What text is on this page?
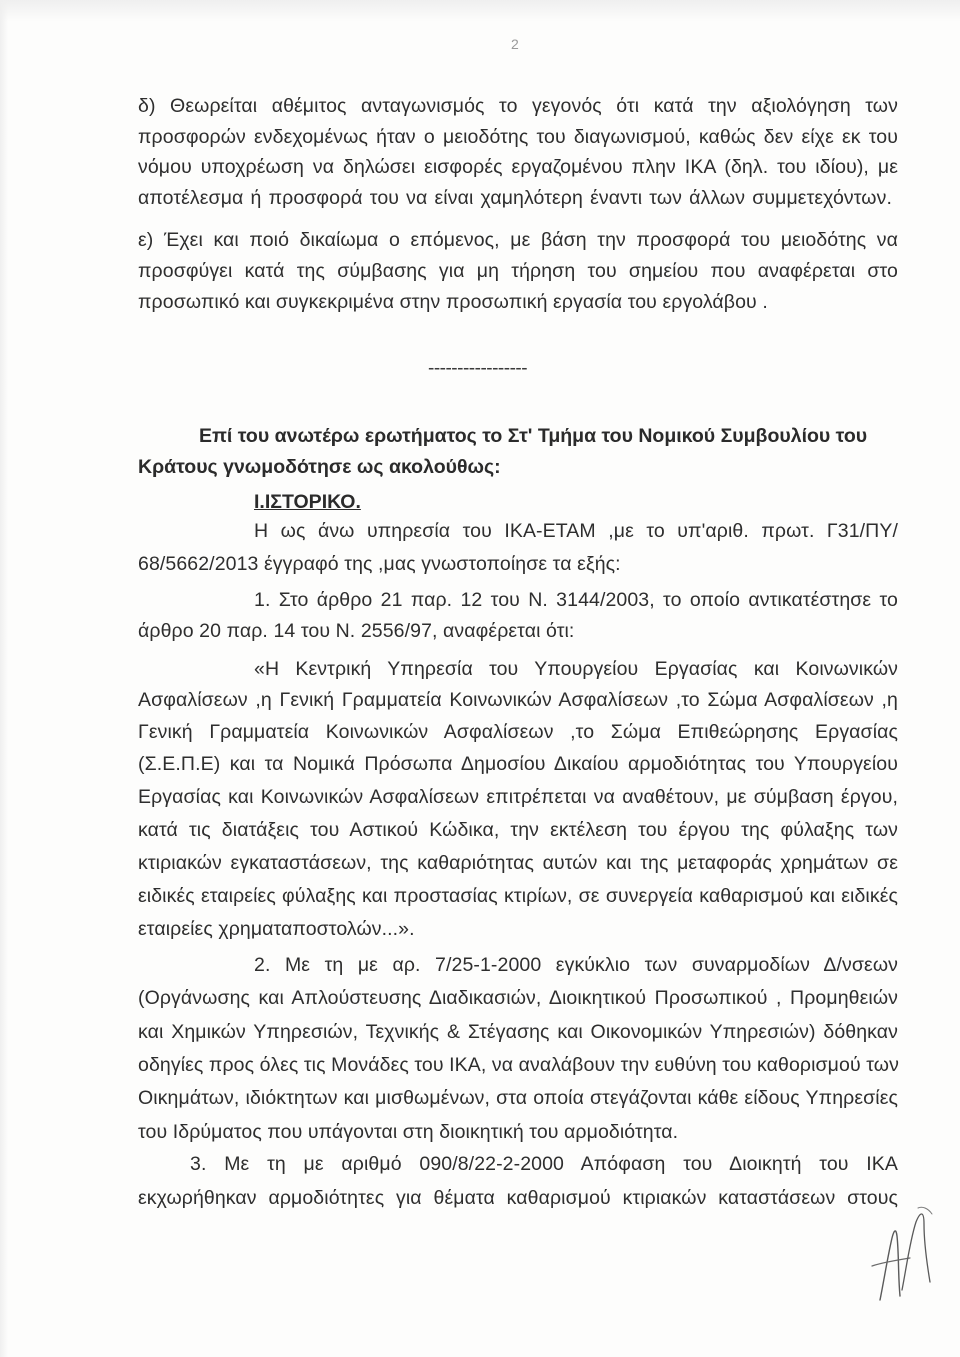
2
δ) Θεωρείται αθέμιτος ανταγωνισμός το γεγονός ότι κατά την αξιολόγηση των
προσφορών ενδεχομένως ήταν ο μειοδότης του διαγωνισμού, καθώς δεν είχε εκ του
νόμου υποχρέωση να δηλώσει εισφορές εργαζομένου πλην ΙΚΑ (δηλ. του ιδίου), με
αποτέλεσμα ή προσφορά του να είναι χαμηλότερη έναντι των άλλων συμμετεχόντων.
ε) Έχει και ποιό δικαίωμα ο επόμενος, με βάση την προσφορά του μειοδότης να
προσφύγει κατά της σύμβασης για μη τήρηση του σημείου που αναφέρεται στο
προσωπικό και συγκεκριμένα στην προσωπική εργασία του εργολάβου .
-----------------
Επί του ανωτέρω ερωτήματος το Στ' Τμήμα του Νομικού Συμβουλίου του
Κράτους γνωμοδότησε ως ακολούθως:
Ι.ΙΣΤΟΡΙΚΟ.
Η ως άνω υπηρεσία του ΙΚΑ-ΕΤΑΜ ,με το υπ'αριθ. πρωτ. Γ31/ΠΥ/
68/5662/2013 έγγραφό της ,μας γνωστοποίησε τα εξής:
1. Στο άρθρο 21 παρ. 12 του Ν. 3144/2003, το οποίο αντικατέστησε το
άρθρο 20 παρ. 14 του Ν. 2556/97, αναφέρεται ότι:
«Η Κεντρική Υπηρεσία του Υπουργείου Εργασίας και Κοινωνικών
Ασφαλίσεων ,η Γενική Γραμματεία Κοινωνικών Ασφαλίσεων ,το Σώμα Ασφαλίσεων ,η
Γενική Γραμματεία Κοινωνικών Ασφαλίσεων ,το Σώμα Επιθεώρησης Εργασίας
(Σ.Ε.Π.Ε) και τα Νομικά Πρόσωπα Δημοσίου Δικαίου αρμοδιότητας του Υπουργείου
Εργασίας και Κοινωνικών Ασφαλίσεων επιτρέπεται να αναθέτουν, με σύμβαση έργου,
κατά τις διατάξεις του Αστικού Κώδικα, την εκτέλεση του έργου της φύλαξης των
κτιριακών εγκαταστάσεων, της καθαριότητας αυτών και της μεταφοράς χρημάτων σε
ειδικές εταιρείες φύλαξης και προστασίας κτιρίων, σε συνεργεία καθαρισμού και ειδικές
εταιρείες χρηματαποστολών...».
2. Με τη με αρ. 7/25-1-2000 εγκύκλιο των συναρμοδίων Δ/νσεων
(Οργάνωσης και Απλούστευσης Διαδικασιών, Διοικητικού Προσωπικού , Προμηθειών
και Χημικών Υπηρεσιών, Τεχνικής & Στέγασης και Οικονομικών Υπηρεσιών) δόθηκαν
οδηγίες προς όλες τις Μονάδες του ΙΚΑ, να αναλάβουν την ευθύνη του καθορισμού των
Οικημάτων, ιδιόκτητων και μισθωμένων, στα οποία στεγάζονται κάθε είδους Υπηρεσίες
του Ιδρύματος που υπάγονται στη διοικητική του αρμοδιότητα.
3. Με τη με αριθμό 090/8/22-2-2000 Απόφαση του Διοικητή του ΙΚΑ
εκχωρήθηκαν αρμοδιότητες για θέματα καθαρισμού κτιριακών καταστάσεων στους
